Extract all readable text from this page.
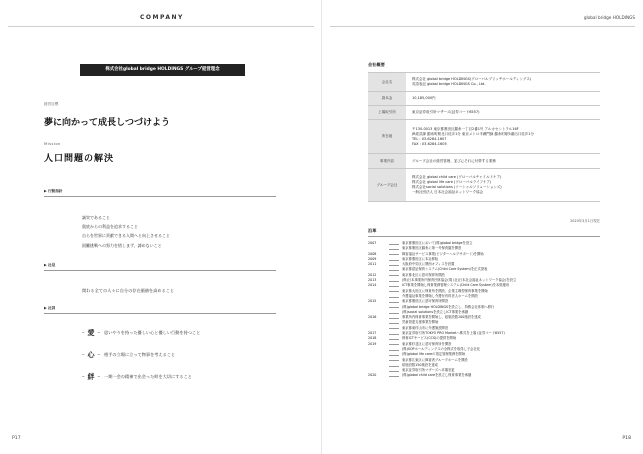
COMPANY
株式会社global bridge HOLDINGS グループ経営理念
経営目標
夢に向かって成長しつづけよう
Mission
人口問題の解決
▶ 行動指針
誠実であること
奥底からの利益を追求すること
自らを世界に貢献できる人間へと向上させること
困難挑戦への努力を惜しまず、諦めないこと
▶ 社是
関わる全ての人々に自分の存在価値を高めること
▶ 社訓
– 愛 – 思いやりを持った優しい心と優しい行動を持つこと
– 心 – 相手の立場に立って物事を考えること
– 絆 – 一期一会の精神で出会った絆を大切にすること
P17
global bridge HOLDINGS
会社概要
会社名	株式会社 global bridge HOLDINGS(グローバルブリッヂホールディングス)
英語表記 global bridge HOLDINGS Co., Ltd.

資本金	10,185,000円

上場取引所	東京証券取引所マザーズ(証券コード6557)

所在地	〒130-0013 東京都墨田区錦糸一丁目2番1号 アルカセントラル16F
JR総武線 錦糸町駅北口徒歩1分 東京メトロ半蔵門線 錦糸町駅5番出口徒歩1分
TEL : 03-6284-1607
FAX : 03-6284-1605

事業内容	グループ会社の経営管理、並びにそれに付帯する業務

グループ会社	株式会社 global child care (グローバルチャイルドケア)
株式会社 global life care (グローバルライフケア)
株式会社social solutions (ソーシャルソリューションズ)
一般社団法人 日本社会福祉ネットワーク協会
2020年3月1日現在
沿革
2007	東京都墨田区において(株)global bridgeを設立
東京都墨田区錦糸に第一号保育園を開設
2008	障害福祉サービス事業(ビジターヘルプサポート)を開始
2009	東京都墨田区に本社移転
2011	大阪府中央区に関西オフィスを設置
東京都認証保育システム(Child Care System)を正式発表
2012	東京都北区に認可保育所開設
2013	(株)日本事業所内保育団体協会(現 (社)日本社会福祉ネットワーク協会)を設立
2014	ICT事業を開始し保育業務管理システム(Child Care System)を本格運用
東京都大田区に保育所を開設、企業主導型保育事業を開始
介護福祉事業を開始し介護付有料老人ホームを開設
2015	東京都墨田区に認可保育所開設
(株)global bridge HOLDINGSを設立し、持株会社体制へ移行
(株)social solutionsを設立しICT事業を承継
2016	事業所内保育事業を開始し、総施設数100施設を達成
児童発達支援事業を開始
東京都東村山市に介護施設開設
2017	東京証券取引所TOKYO PRO Marketへ株式を上場 (証券コード6557)
2018	保育ICTサービス(CCS)の提供を開始
2019	東京都杉並区に認可保育所を開設
(株)SOPホールディングスの全株式を取得し子会社化
(株)global life careの指定管理業務を開始
東京都江東区に障害者グループホームを開設
総施設数150施設を達成
東京証券取引所マザーズへ市場変更
2020	(株)global child careを設立し保育事業を承継
P18
